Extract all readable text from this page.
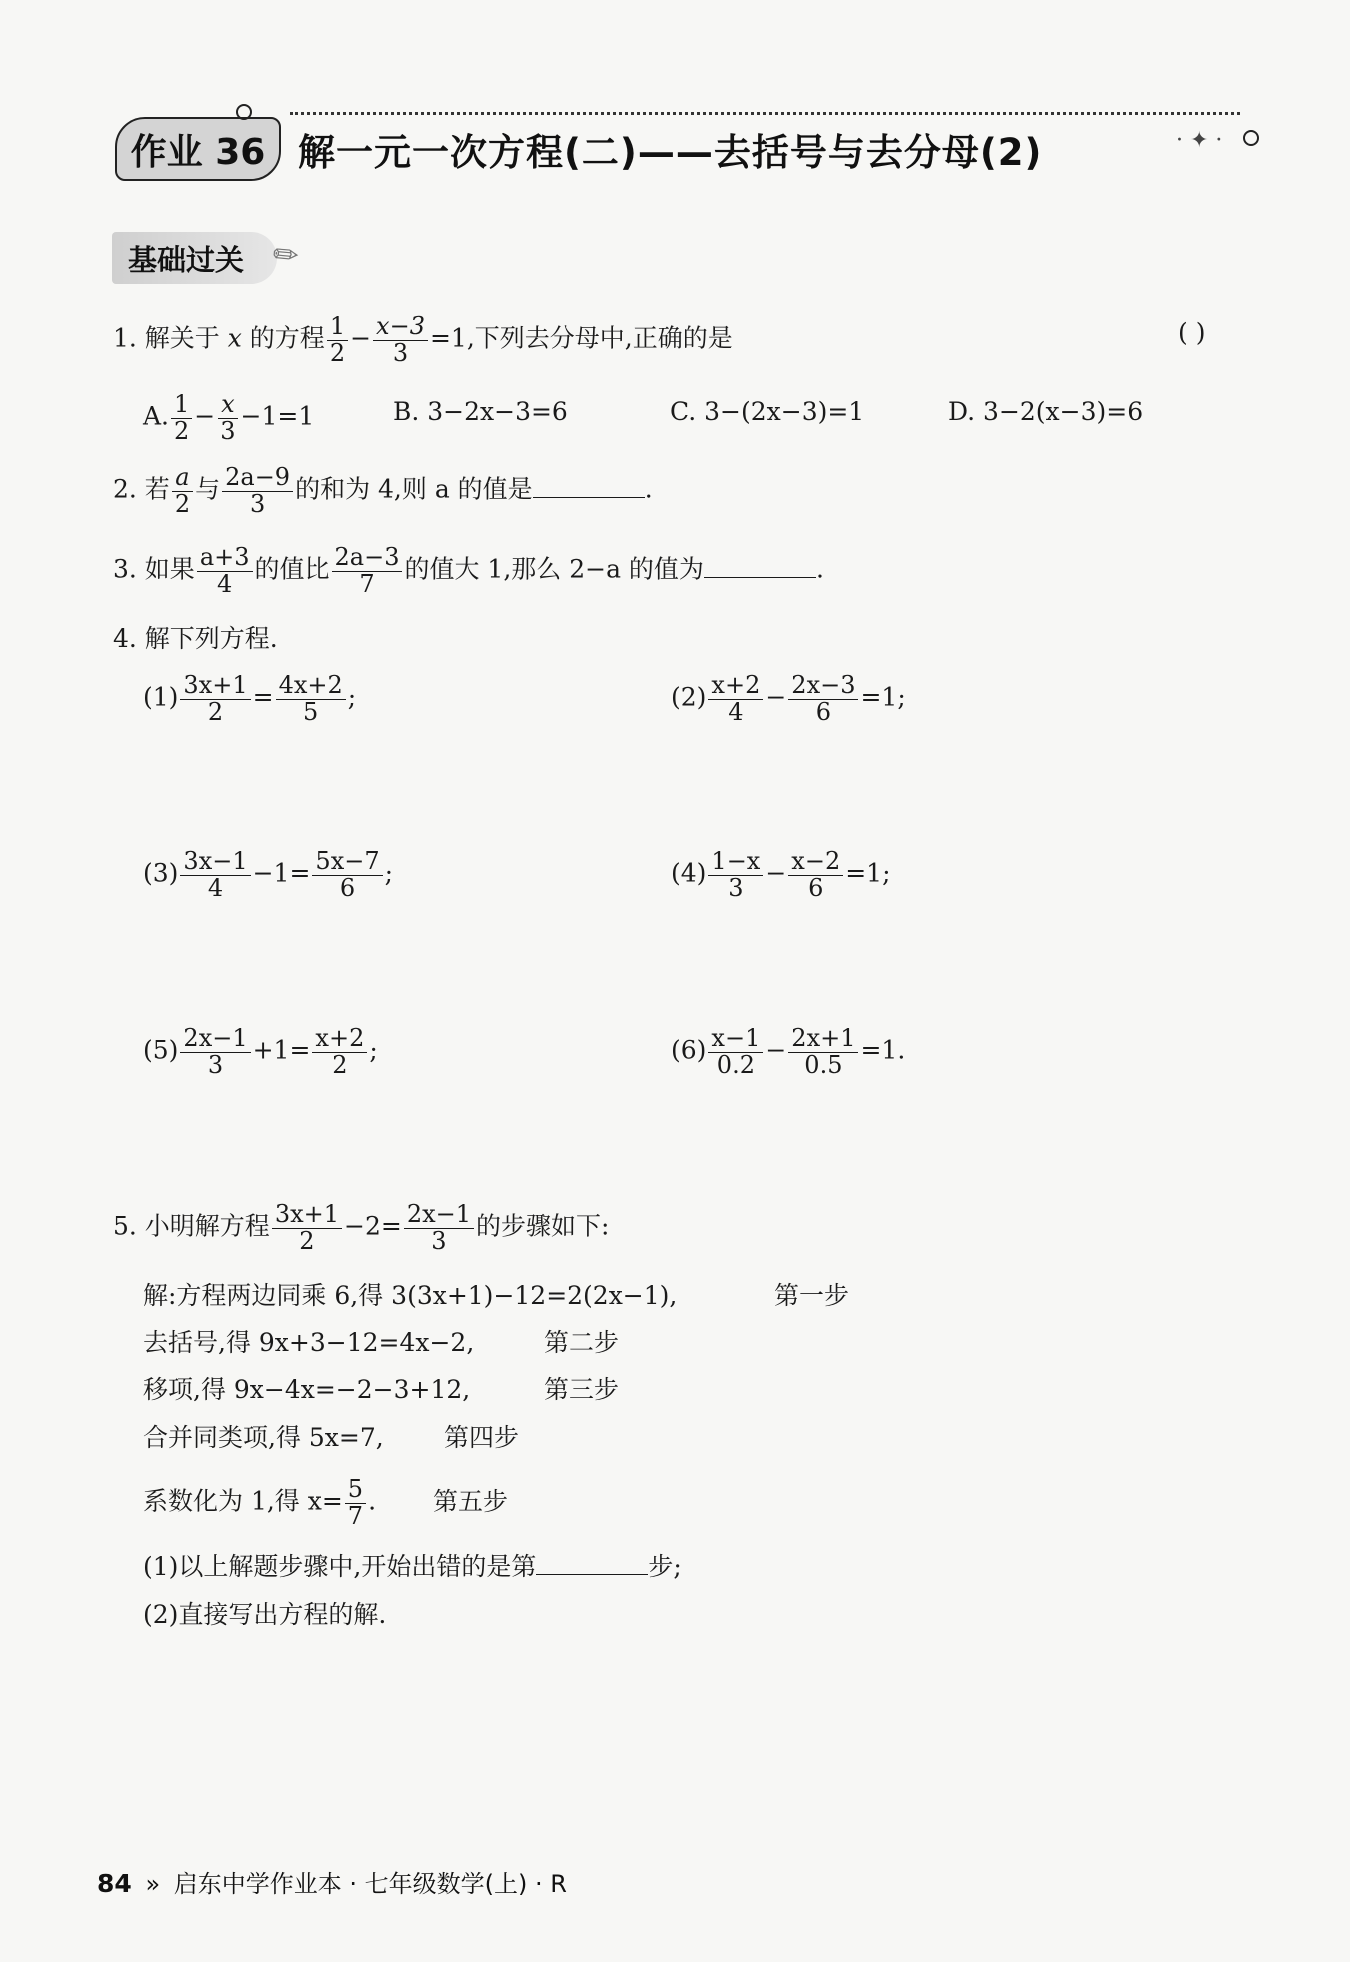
作业 36 解一元一次方程(二)——去括号与去分母(2)	· ✦ ·
基础过关 ✎
1. 解关于 x 的方程 $\frac{1}{2} - \frac{x-3}{3} =1$,下列去分母中,正确的是	( )
A. $\frac{1}{2} - \frac{x}{3} -1=1$	B. 3−2x−3=6	C. 3−(2x−3)=1	D. 3−2(x−3)=6
2. 若 $\frac{a}{2}$ 与 $\frac{2a-9}{3}$ 的和为 4,则 a 的值是	.
3. 如果 $\frac{a+3}{4}$ 的值比 $\frac{2a-3}{7}$ 的值大 1,那么 2−a 的值为	.
4. 解下列方程.
$(1) \frac{3x+1}{2} = \frac{4x+2}{5}$ ;	$(2) \frac{x+2}{4} - \frac{2x-3}{6} =1$;
$(3) \frac{3x-1}{4} -1= \frac{5x-7}{6}$ ;	$(4) \frac{1-x}{3} - \frac{x-2}{6} =1$;
$(5) \frac{2x-1}{3} +1= \frac{x+2}{2}$ ;	$(6) \frac{x-1}{0.2} - \frac{2x+1}{0.5} =1$.
5. 小明解方程 $\frac{3x+1}{2} -2= \frac{2x-1}{3}$ 的步骤如下:
解:方程两边同乘 6,得 3(3x+1)−12=2(2x−1),	第一步
去括号,得 9x+3−12=4x−2,	第二步
移项,得 9x−4x=−2−3+12,	第三步
合并同类项,得 5x=7, 第四步
系数化为 1,得 $x= \frac{5}{7}$ . 第五步
(1)以上解题步骤中,开始出错的是第	步;
(2)直接写出方程的解.
84 » 启东中学作业本 · 七年级数学(上) · R
